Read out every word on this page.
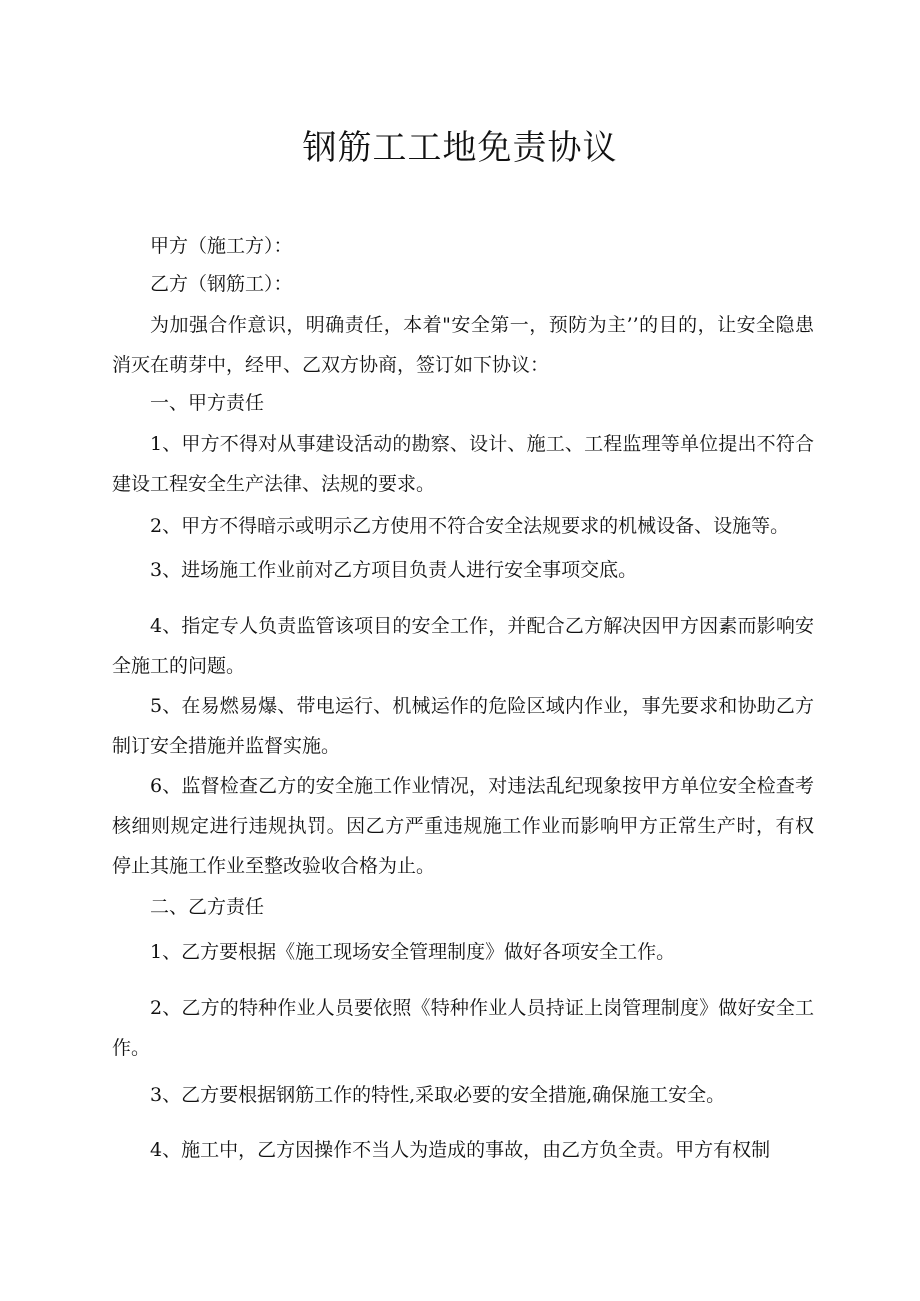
钢筋工工地免责协议

甲方（施工方）：

乙方（钢筋工）：

为加强合作意识，明确责任，本着"安全第一，预防为主’’的目的，让安全隐患消灭在萌芽中，经甲、乙双方协商，签订如下协议：

一、甲方责任

1、甲方不得对从事建设活动的勘察、设计、施工、工程监理等单位提出不符合建设工程安全生产法律、法规的要求。

2、甲方不得暗示或明示乙方使用不符合安全法规要求的机械设备、设施等。

3、进场施工作业前对乙方项目负责人进行安全事项交底。

4、指定专人负责监管该项目的安全工作，并配合乙方解决因甲方因素而影响安全施工的问题。

5、在易燃易爆、带电运行、机械运作的危险区域内作业，事先要求和协助乙方制订安全措施并监督实施。

6、监督检查乙方的安全施工作业情况，对违法乱纪现象按甲方单位安全检查考核细则规定进行违规执罚。因乙方严重违规施工作业而影响甲方正常生产时，有权停止其施工作业至整改验收合格为止。

二、乙方责任

1、乙方要根据《施工现场安全管理制度》做好各项安全工作。

2、乙方的特种作业人员要依照《特种作业人员持证上岗管理制度》做好安全工作。

3、乙方要根据钢筋工作的特性,采取必要的安全措施,确保施工安全。

4、施工中，乙方因操作不当人为造成的事故，由乙方负全责。甲方有权制
